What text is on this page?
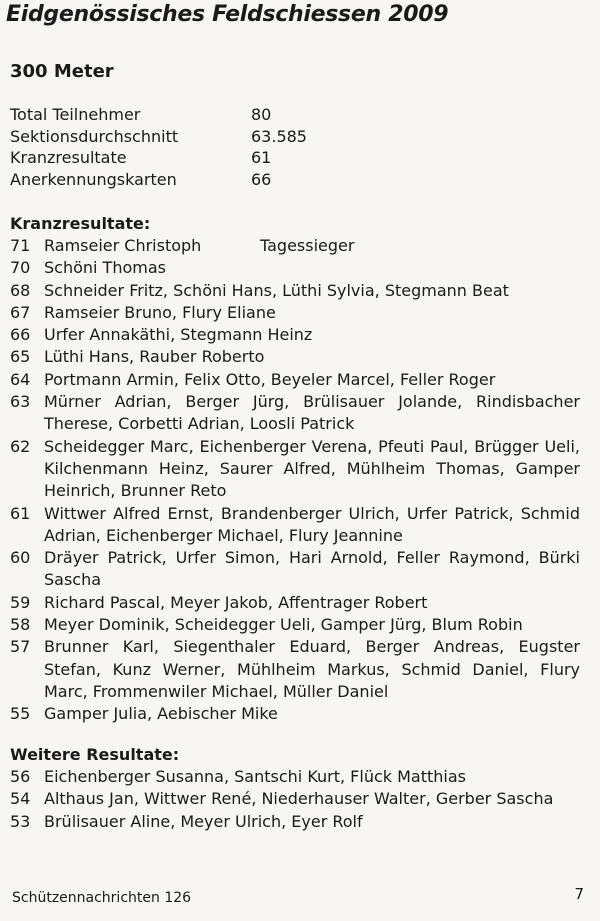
Eidgenössisches Feldschiessen 2009
300 Meter
Total Teilnehmer	80
Sektionsdurchschnitt	63.585
Kranzresultate	61
Anerkennungskarten	66
Kranzresultate:
71 Ramseier Christoph	Tagessieger
70 Schöni Thomas
68 Schneider Fritz, Schöni Hans, Lüthi Sylvia, Stegmann Beat
67 Ramseier Bruno, Flury Eliane
66 Urfer Annakäthi, Stegmann Heinz
65 Lüthi Hans, Rauber Roberto
64 Portmann Armin, Felix Otto, Beyeler Marcel, Feller Roger
63 Mürner Adrian, Berger Jürg, Brülisauer Jolande, Rindisbacher Therese, Corbetti Adrian, Loosli Patrick
62 Scheidegger Marc, Eichenberger Verena, Pfeuti Paul, Brügger Ueli, Kilchenmann Heinz, Saurer Alfred, Mühlheim Thomas, Gamper Heinrich, Brunner Reto
61 Wittwer Alfred Ernst, Brandenberger Ulrich, Urfer Patrick, Schmid Adrian, Eichenberger Michael, Flury Jeannine
60 Dräyer Patrick, Urfer Simon, Hari Arnold, Feller Raymond, Bürki Sascha
59 Richard Pascal, Meyer Jakob, Affentrager Robert
58 Meyer Dominik, Scheidegger Ueli, Gamper Jürg, Blum Robin
57 Brunner Karl, Siegenthaler Eduard, Berger Andreas, Eugster Stefan, Kunz Werner, Mühlheim Markus, Schmid Daniel, Flury Marc, Frommenwiler Michael, Müller Daniel
55 Gamper Julia, Aebischer Mike
Weitere Resultate:
56 Eichenberger Susanna, Santschi Kurt, Flück Matthias
54 Althaus Jan, Wittwer René, Niederhauser Walter, Gerber Sascha
53 Brülisauer Aline, Meyer Ulrich, Eyer Rolf
Schützennachrichten 126	7
